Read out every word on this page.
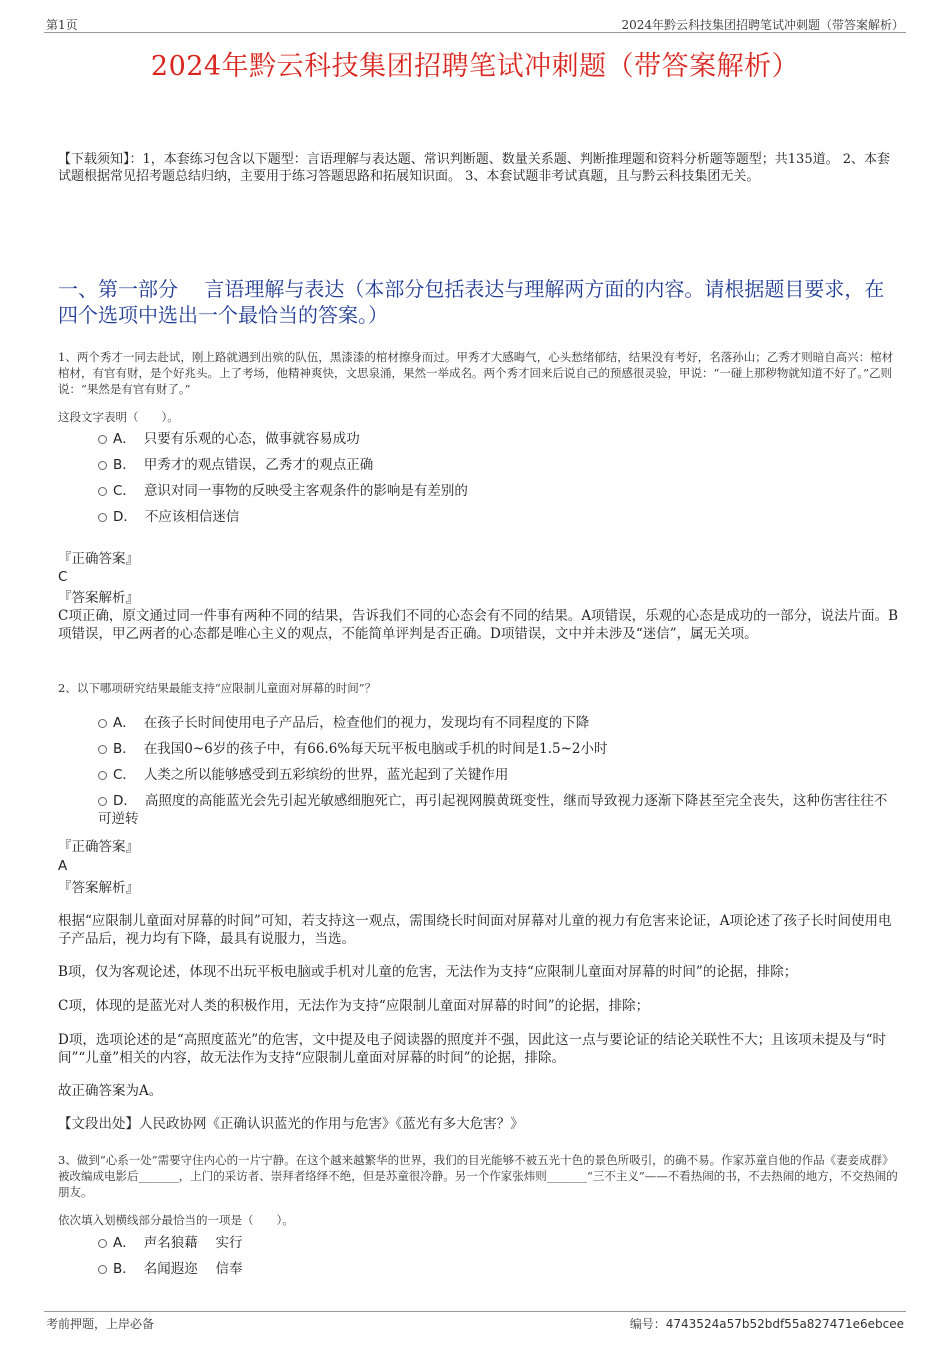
第1页	2024年黔云科技集团招聘笔试冲刺题（带答案解析）
2024年黔云科技集团招聘笔试冲刺题（带答案解析）
【下载须知】：1，本套练习包含以下题型：言语理解与表达题、常识判断题、数量关系题、判断推理题和资料分析题等题型；共135道。 2、本套试题根据常见招考题总结归纳，主要用于练习答题思路和拓展知识面。 3、本套试题非考试真题，且与黔云科技集团无关。
一、第一部分　 言语理解与表达（本部分包括表达与理解两方面的内容。请根据题目要求，在四个选项中选出一个最恰当的答案。）
1、两个秀才一同去赴试，刚上路就遇到出殡的队伍，黑漆漆的棺材擦身而过。甲秀才大感晦气，心头愁绪郁结，结果没有考好，名落孙山；乙秀才则暗自高兴：棺材棺材，有官有财，是个好兆头。上了考场，他精神爽快，文思泉涌，果然一举成名。两个秀才回来后说自己的预感很灵验，甲说：“一碰上那秽物就知道不好了。”乙则说：“果然是有官有财了。”
这段文字表明（　　）。
A． 只要有乐观的心态，做事就容易成功
B． 甲秀才的观点错误，乙秀才的观点正确
C． 意识对同一事物的反映受主客观条件的影响是有差别的
D． 不应该相信迷信
『正确答案』
C
『答案解析』
C项正确，原文通过同一件事有两种不同的结果，告诉我们不同的心态会有不同的结果。A项错误，乐观的心态是成功的一部分，说法片面。B项错误，甲乙两者的心态都是唯心主义的观点，不能简单评判是否正确。D项错误，文中并未涉及“迷信”，属无关项。
2、以下哪项研究结果最能支持“应限制儿童面对屏幕的时间”？
A． 在孩子长时间使用电子产品后，检查他们的视力，发现均有不同程度的下降
B． 在我国0~6岁的孩子中，有66.6%每天玩平板电脑或手机的时间是1.5~2小时
C． 人类之所以能够感受到五彩缤纷的世界，蓝光起到了关键作用
D． 高照度的高能蓝光会先引起光敏感细胞死亡，再引起视网膜黄斑变性，继而导致视力逐渐下降甚至完全丧失，这种伤害往往不可逆转
『正确答案』
A
『答案解析』
根据“应限制儿童面对屏幕的时间”可知，若支持这一观点，需围绕长时间面对屏幕对儿童的视力有危害来论证，A项论述了孩子长时间使用电子产品后，视力均有下降，最具有说服力，当选。
B项，仅为客观论述，体现不出玩平板电脑或手机对儿童的危害，无法作为支持“应限制儿童面对屏幕的时间”的论据，排除；
C项，体现的是蓝光对人类的积极作用，无法作为支持“应限制儿童面对屏幕的时间”的论据，排除；
D项，选项论述的是“高照度蓝光”的危害，文中提及电子阅读器的照度并不强，因此这一点与要论证的结论关联性不大；且该项未提及与“时间”“儿童”相关的内容，故无法作为支持“应限制儿童面对屏幕的时间”的论据，排除。
故正确答案为A。
【文段出处】人民政协网《正确认识蓝光的作用与危害》《蓝光有多大危害？》
3、做到“心系一处”需要守住内心的一片宁静。在这个越来越繁华的世界，我们的目光能够不被五光十色的景色所吸引，的确不易。作家苏童自他的作品《妻妾成群》被改编成电影后_______，上门的采访者、崇拜者络绎不绝，但是苏童很冷静。另一个作家张炜则_______“三不主义”——不看热闹的书，不去热闹的地方，不交热闹的朋友。
依次填入划横线部分最恰当的一项是（　　）。
A． 声名狼藉　 实行
B． 名闻遐迩　 信奉
考前押题，上岸必备	编号：4743524a57b52bdf55a827471e6ebcee
